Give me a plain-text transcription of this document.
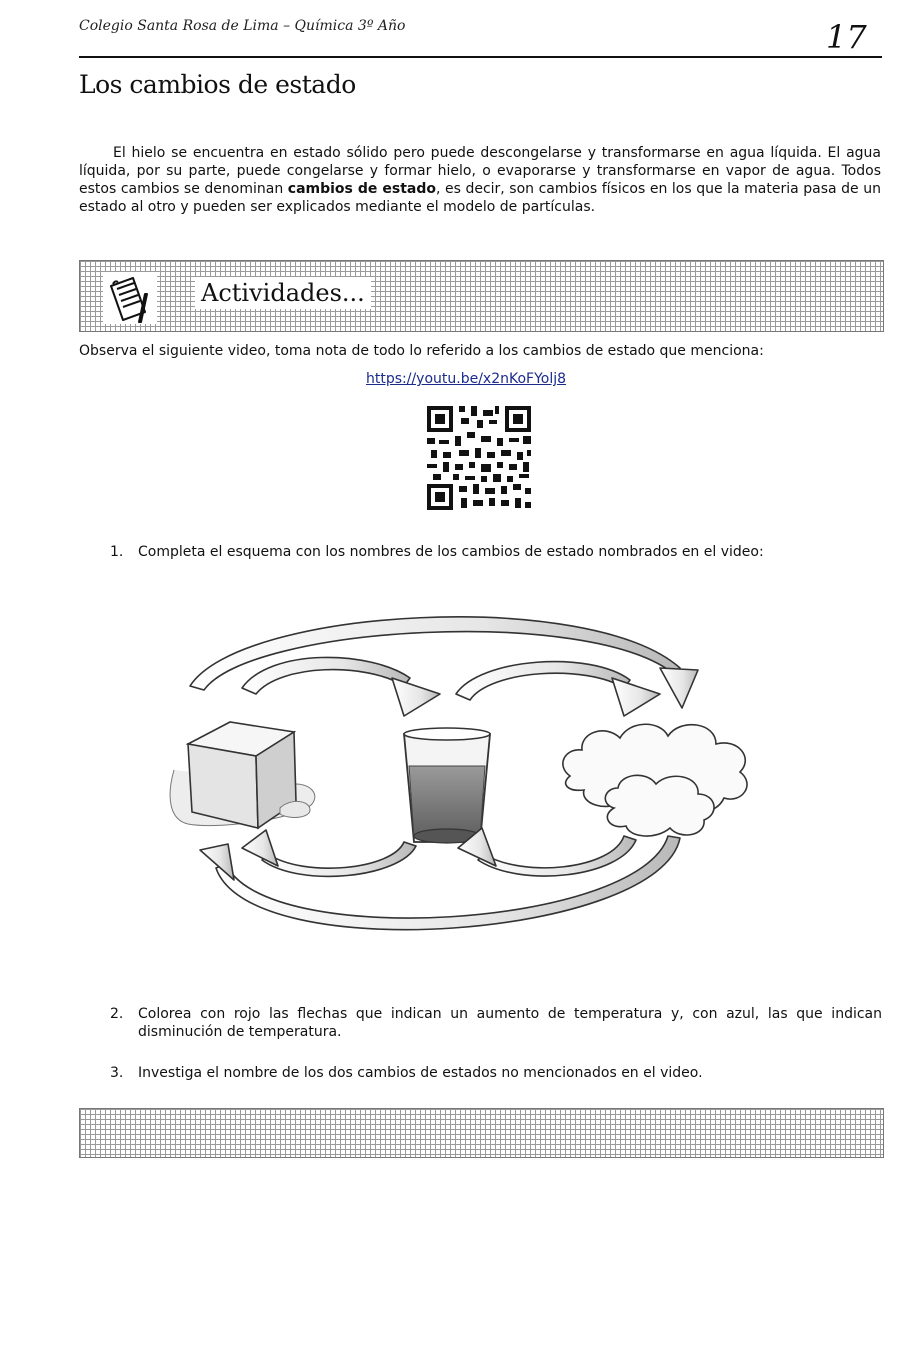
Colegio Santa Rosa de Lima – Química 3º Año	17
Los cambios de estado
El hielo se encuentra en estado sólido pero puede descongelarse y transformarse en agua líquida. El agua líquida, por su parte, puede congelarse y formar hielo, o evaporarse y transformarse en vapor de agua. Todos estos cambios se denominan cambios de estado, es decir, son cambios físicos en los que la materia pasa de un estado al otro y pueden ser explicados mediante el modelo de partículas.
Actividades...
Observa el siguiente video, toma nota de todo lo referido a los cambios de estado que menciona:
https://youtu.be/x2nKoFYolj8
1. Completa el esquema con los nombres de los cambios de estado nombrados en el video:
2. Colorea con rojo las flechas que indican un aumento de temperatura y, con azul, las que indican disminución de temperatura.
3. Investiga el nombre de los dos cambios de estados no mencionados en el video.
